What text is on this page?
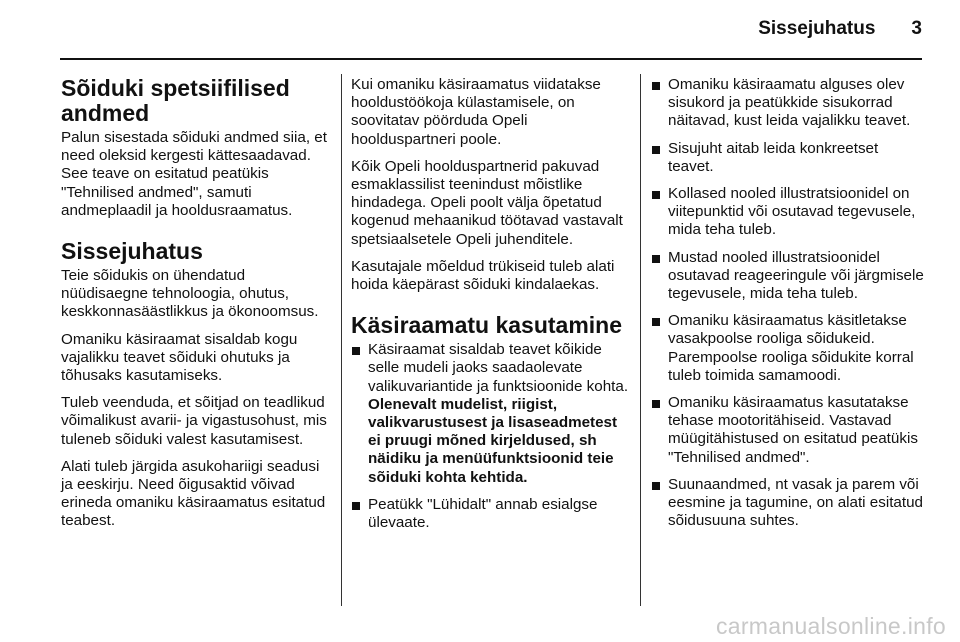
Sissejuhatus 3
Sõiduki spetsiifilised andmed

Palun sisestada sõiduki andmed siia, et need oleksid kergesti kättesaadavad. See teave on esitatud peatükis "Tehnilised andmed", samuti andmeplaadil ja hooldusraamatus.

Sissejuhatus

Teie sõidukis on ühendatud nüüdisaegne tehnoloogia, ohutus, keskkonnasäästlikkus ja ökonoomsus.

Omaniku käsiraamat sisaldab kogu vajalikku teavet sõiduki ohutuks ja tõhusaks kasutamiseks.

Tuleb veenduda, et sõitjad on teadlikud võimalikust avarii- ja vigastusohust, mis tuleneb sõiduki valest kasutamisest.

Alati tuleb järgida asukohariigi seadusi ja eeskirju. Need õigusaktid võivad erineda omaniku käsiraamatus esitatud teabest.

Kui omaniku käsiraamatus viidatakse hooldustöökoja külastamisele, on soovitatav pöörduda Opeli hoolduspartneri poole.

Kõik Opeli hoolduspartnerid pakuvad esmaklassilist teenindust mõistlike hindadega. Opeli poolt välja õpetatud kogenud mehaanikud töötavad vastavalt spetsiaalsetele Opeli juhenditele.

Kasutajale mõeldud trükiseid tuleb alati hoida käepärast sõiduki kindalaekas.

Käsiraamatu kasutamine
Käsiraamat sisaldab teavet kõikide selle mudeli jaoks saadaolevate valikuvariantide ja funktsioonide kohta. Olenevalt mudelist, riigist, valikvarustusest ja lisaseadmetest ei pruugi mõned kirjeldused, sh näidiku ja menüüfunktsioonid teie sõiduki kohta kehtida.
Peatükk "Lühidalt" annab esialgse ülevaate.
Omaniku käsiraamatu alguses olev sisukord ja peatükkide sisukorrad näitavad, kust leida vajalikku teavet.
Sisujuht aitab leida konkreetset teavet.
Kollased nooled illustratsioonidel on viitepunktid või osutavad tegevusele, mida teha tuleb.
Mustad nooled illustratsioonidel osutavad reageeringule või järgmisele tegevusele, mida teha tuleb.
Omaniku käsiraamatus käsitletakse vasakpoolse rooliga sõidukeid. Parempoolse rooliga sõidukite korral tuleb toimida samamoodi.
Omaniku käsiraamatus kasutatakse tehase mootoritähiseid. Vastavad müügitähistused on esitatud peatükis "Tehnilised andmed".
Suunaandmed, nt vasak ja parem või eesmine ja tagumine, on alati esitatud sõidusuuna suhtes.
carmanualsonline.info
